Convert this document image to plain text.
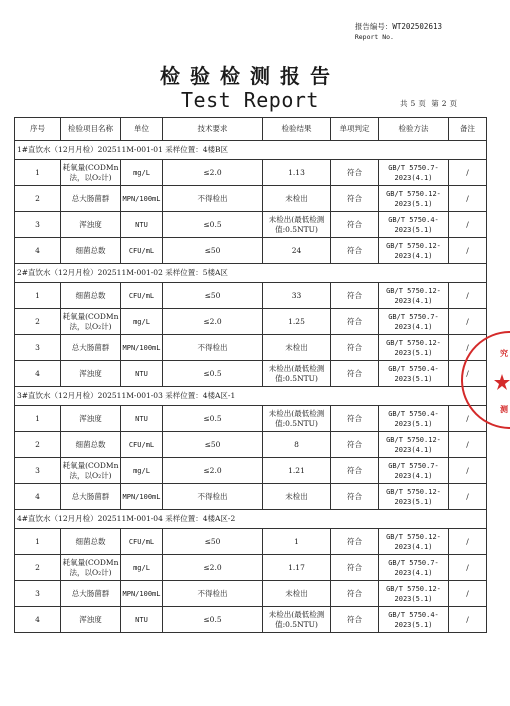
报告编号：WT202502613
Report No.
检验检测报告
Test Report	共 5 页 第 2 页
序号	检验项目名称	单位	技术要求	检验结果	单项判定	检验方法	备注
1#直饮水（12月月检）202511M-001-01 采样位置：4楼B区							
1	耗氧量(CODMn法，以O₂计)	mg/L	≤2.0	1.13	符合	GB/T 5750.7-2023(4.1)	/
2	总大肠菌群	MPN/100mL	不得检出	未检出	符合	GB/T 5750.12-2023(5.1)	/
3	浑浊度	NTU	≤0.5	未检出(最低检测值:0.5NTU)	符合	GB/T 5750.4-2023(5.1)	/
4	细菌总数	CFU/mL	≤50	24	符合	GB/T 5750.12-2023(4.1)	/
2#直饮水（12月月检）202511M-001-02 采样位置：5楼A区							
1	细菌总数	CFU/mL	≤50	33	符合	GB/T 5750.12-2023(4.1)	/
2	耗氧量(CODMn法，以O₂计)	mg/L	≤2.0	1.25	符合	GB/T 5750.7-2023(4.1)	/
3	总大肠菌群	MPN/100mL	不得检出	未检出	符合	GB/T 5750.12-2023(5.1)	/
4	浑浊度	NTU	≤0.5	未检出(最低检测值:0.5NTU)	符合	GB/T 5750.4-2023(5.1)	/
3#直饮水（12月月检）202511M-001-03 采样位置：4楼A区-1							
1	浑浊度	NTU	≤0.5	未检出(最低检测值:0.5NTU)	符合	GB/T 5750.4-2023(5.1)	/
2	细菌总数	CFU/mL	≤50	8	符合	GB/T 5750.12-2023(4.1)	/
3	耗氧量(CODMn法，以O₂计)	mg/L	≤2.0	1.21	符合	GB/T 5750.7-2023(4.1)	/
4	总大肠菌群	MPN/100mL	不得检出	未检出	符合	GB/T 5750.12-2023(5.1)	/
4#直饮水（12月月检）202511M-001-04 采样位置：4楼A区-2							
1	细菌总数	CFU/mL	≤50	1	符合	GB/T 5750.12-2023(4.1)	/
2	耗氧量(CODMn法，以O₂计)	mg/L	≤2.0	1.17	符合	GB/T 5750.7-2023(4.1)	/
3	总大肠菌群	MPN/100mL	不得检出	未检出	符合	GB/T 5750.12-2023(5.1)	/
4	浑浊度	NTU	≤0.5	未检出(最低检测值:0.5NTU)	符合	GB/T 5750.4-2023(5.1)	/
究
测
